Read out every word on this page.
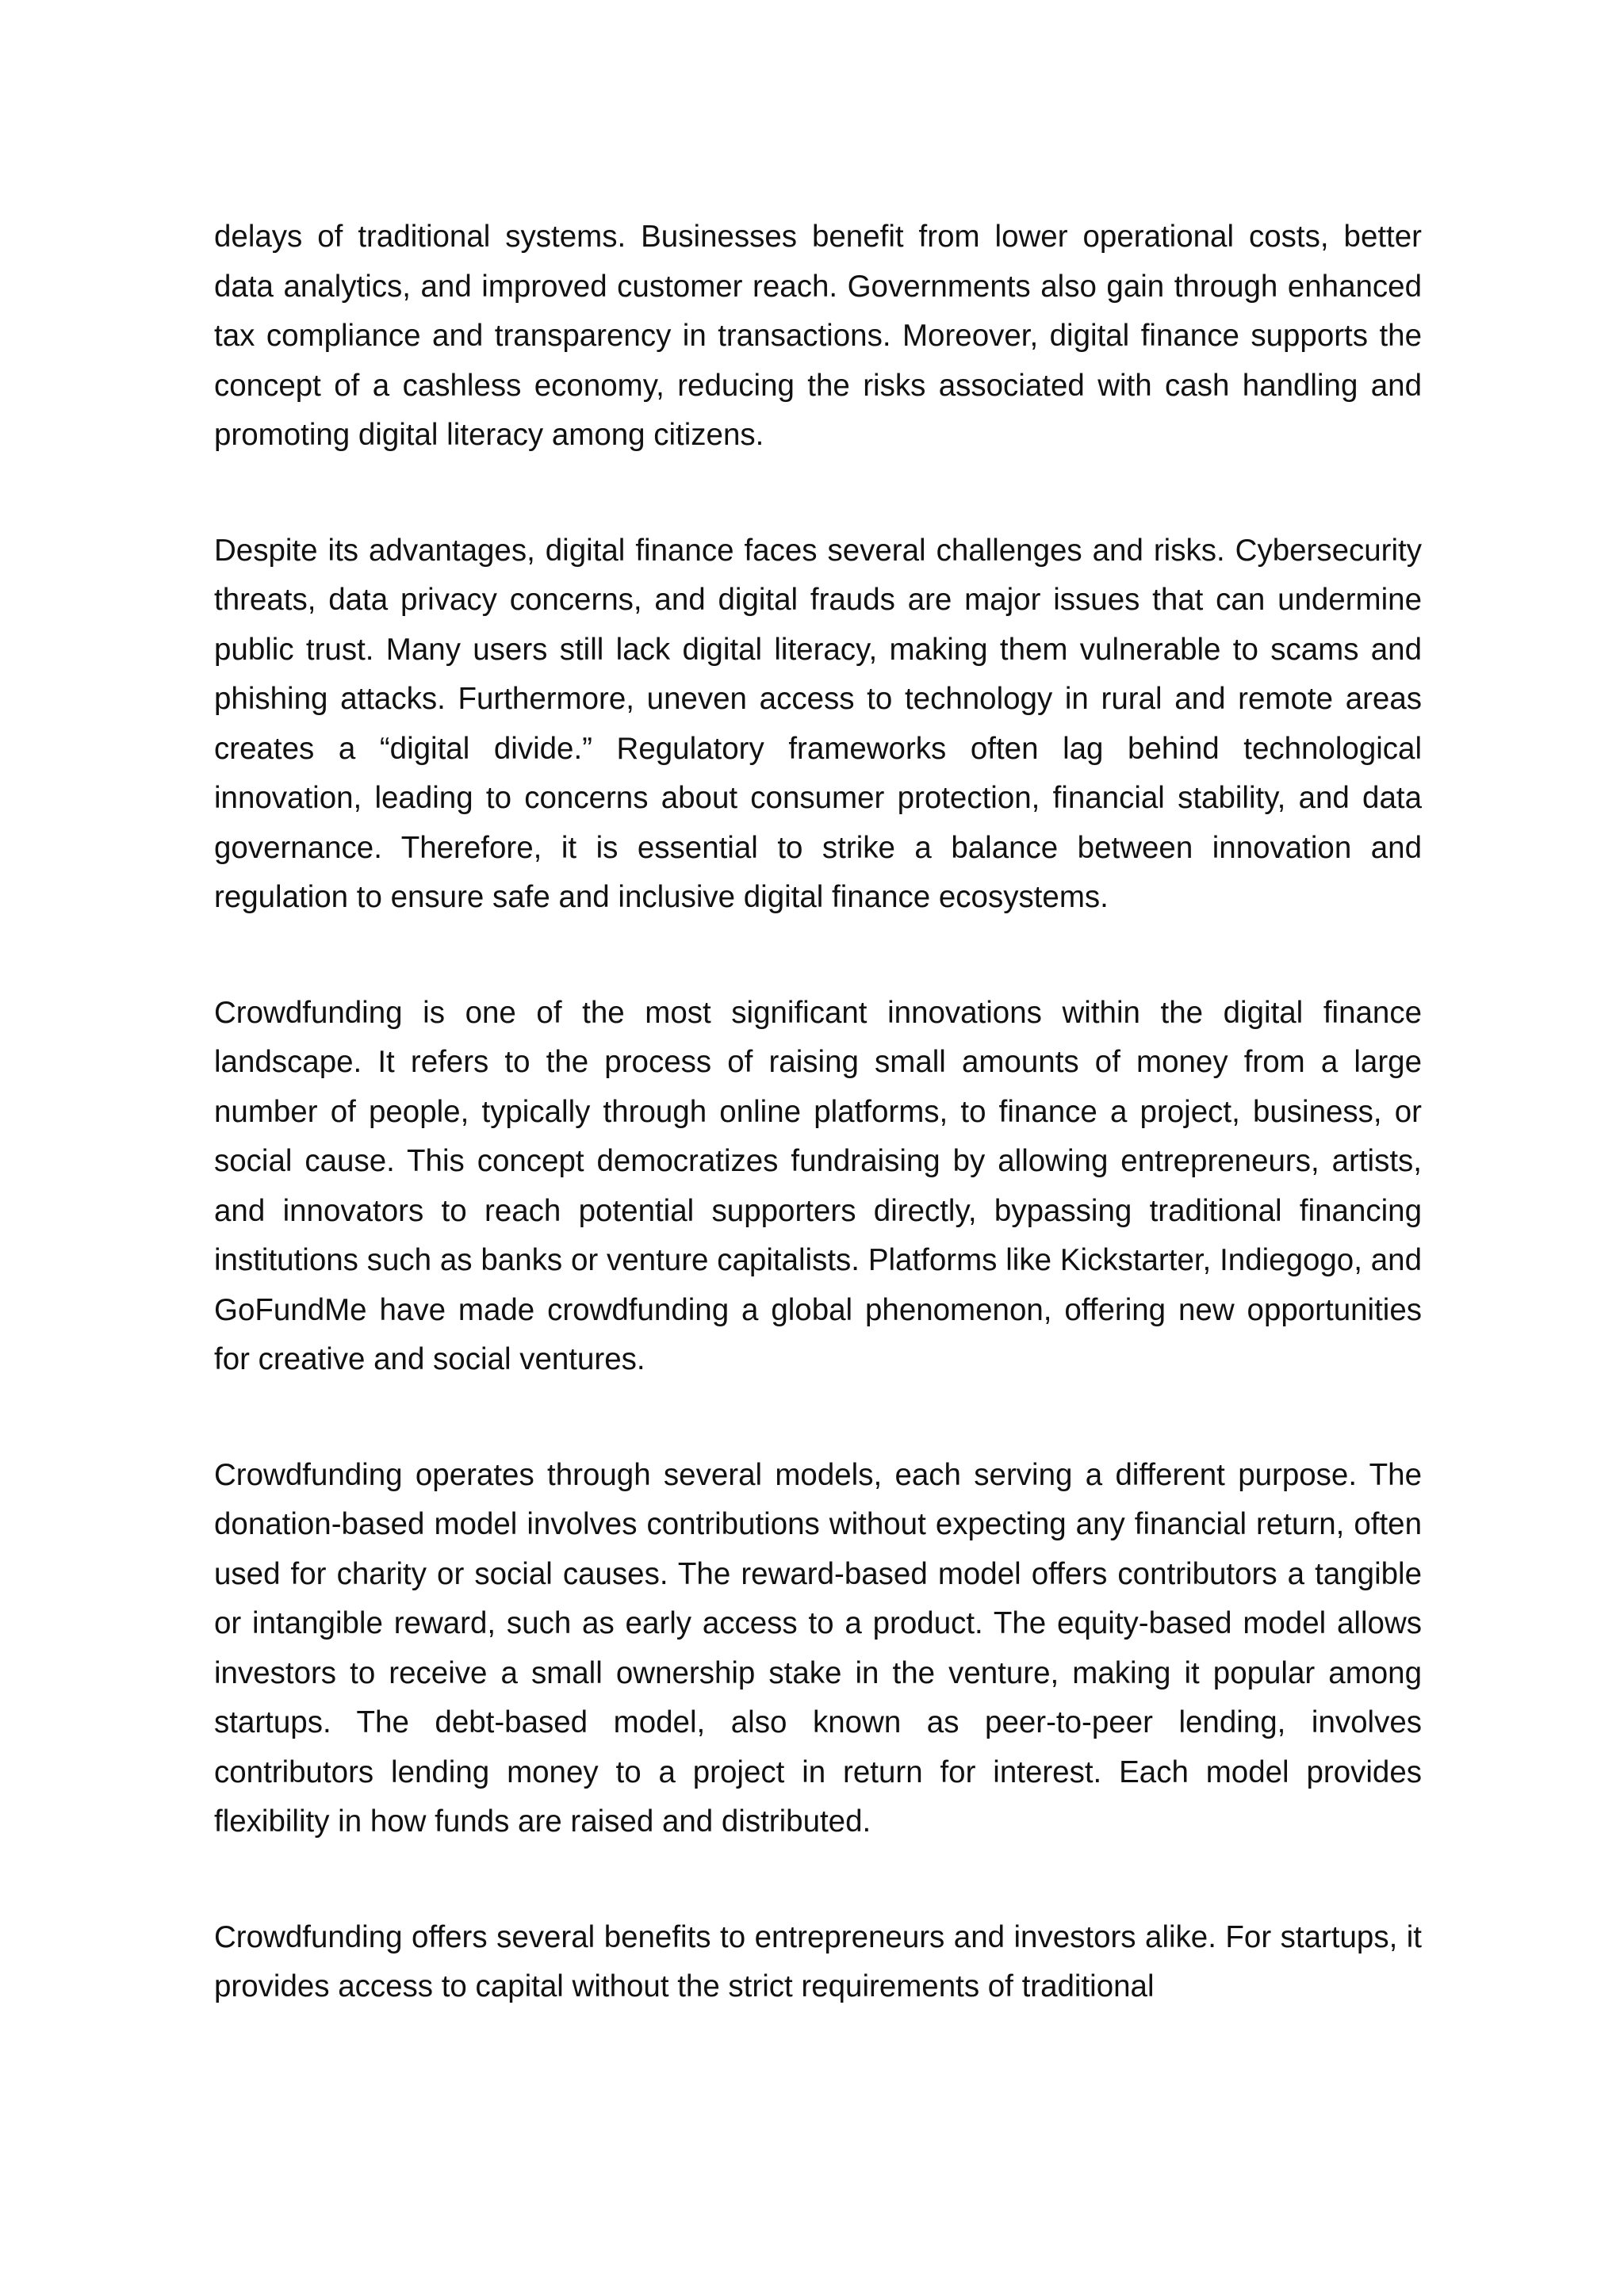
delays of traditional systems. Businesses benefit from lower operational costs, better data analytics, and improved customer reach. Governments also gain through enhanced tax compliance and transparency in transactions. Moreover, digital finance supports the concept of a cashless economy, reducing the risks associated with cash handling and promoting digital literacy among citizens.

Despite its advantages, digital finance faces several challenges and risks. Cybersecurity threats, data privacy concerns, and digital frauds are major issues that can undermine public trust. Many users still lack digital literacy, making them vulnerable to scams and phishing attacks. Furthermore, uneven access to technology in rural and remote areas creates a “digital divide.” Regulatory frameworks often lag behind technological innovation, leading to concerns about consumer protection, financial stability, and data governance. Therefore, it is essential to strike a balance between innovation and regulation to ensure safe and inclusive digital finance ecosystems.

Crowdfunding is one of the most significant innovations within the digital finance landscape. It refers to the process of raising small amounts of money from a large number of people, typically through online platforms, to finance a project, business, or social cause. This concept democratizes fundraising by allowing entrepreneurs, artists, and innovators to reach potential supporters directly, bypassing traditional financing institutions such as banks or venture capitalists. Platforms like Kickstarter, Indiegogo, and GoFundMe have made crowdfunding a global phenomenon, offering new opportunities for creative and social ventures.

Crowdfunding operates through several models, each serving a different purpose. The donation-based model involves contributions without expecting any financial return, often used for charity or social causes. The reward-based model offers contributors a tangible or intangible reward, such as early access to a product. The equity-based model allows investors to receive a small ownership stake in the venture, making it popular among startups. The debt-based model, also known as peer-to-peer lending, involves contributors lending money to a project in return for interest. Each model provides flexibility in how funds are raised and distributed.

Crowdfunding offers several benefits to entrepreneurs and investors alike. For startups, it provides access to capital without the strict requirements of traditional
